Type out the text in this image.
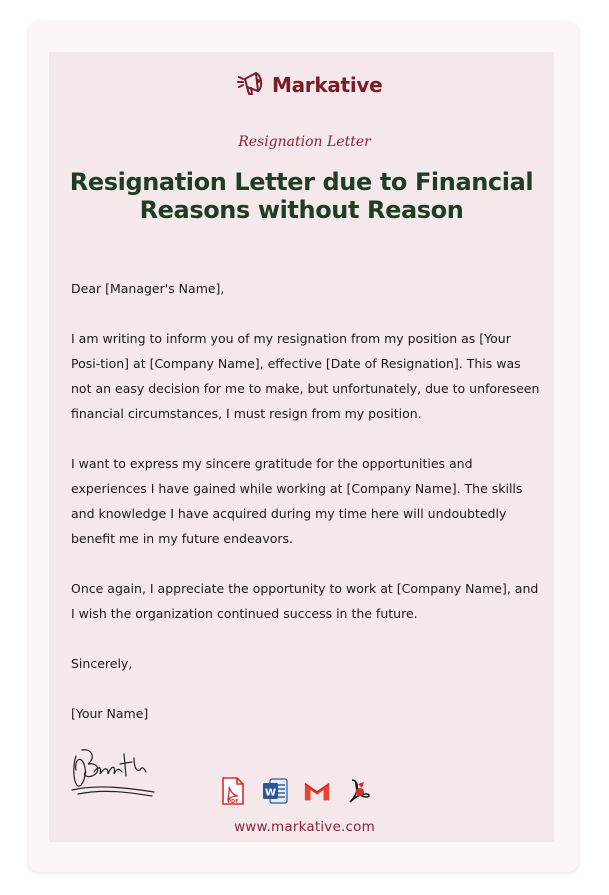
Markative
Resignation Letter
Resignation Letter due to Financial Reasons without Reason

Dear [Manager's Name],

I am writing to inform you of my resignation from my position as [Your Posi-tion] at [Company Name], effective [Date of Resignation]. This was not an easy decision for me to make, but unfortunately, due to unforeseen financial circumstances, I must resign from my position.

I want to express my sincere gratitude for the opportunities and experiences I have gained while working at [Company Name]. The skills and knowledge I have acquired during my time here will undoubtedly benefit me in my future endeavors.

Once again, I appreciate the opportunity to work at [Company Name], and I wish the organization continued success in the future.

Sincerely,

[Your Name]

PDF
W
www.markative.com
